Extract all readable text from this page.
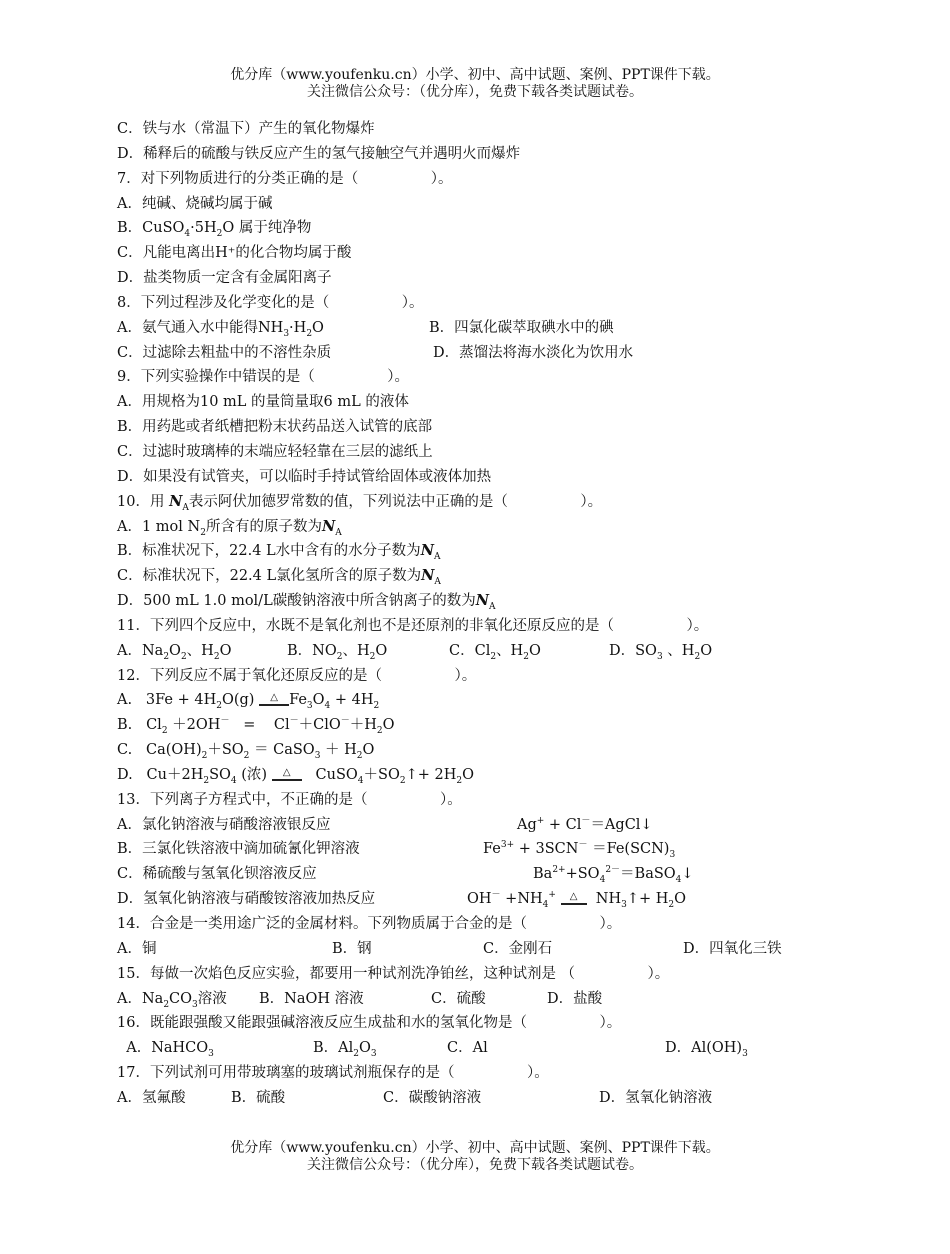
优分库（www.youfenku.cn）小学、初中、高中试题、案例、PPT课件下载。
关注微信公众号：（优分库），免费下载各类试题试卷。
C．铁与水（常温下）产生的氧化物爆炸
D．稀释后的硫酸与铁反应产生的氢气接触空气并遇明火而爆炸
7．对下列物质进行的分类正确的是（　　　　　）。
A．纯碱、烧碱均属于碱
B．$CuSO_4\cdot 5H_2O$ 属于纯净物
C．凡能电离出H⁺的化合物均属于酸
D．盐类物质一定含有金属阳离子
8．下列过程涉及化学变化的是（　　　　　）。
A．氨气通入水中能得$NH_3\cdot H_2O$	B．四氯化碳萃取碘水中的碘
C．过滤除去粗盐中的不溶性杂质	D．蒸馏法将海水淡化为饮用水
9．下列实验操作中错误的是（　　　　　）。
A．用规格为10 mL 的量筒量取6 mL 的液体
B．用药匙或者纸槽把粉末状药品送入试管的底部
C．过滤时玻璃棒的末端应轻轻靠在三层的滤纸上
D．如果没有试管夹，可以临时手持试管给固体或液体加热
10．用 $N_A$表示阿伏加德罗常数的值，下列说法中正确的是（　　　　　）。
A．1 mol $N_2$所含有的原子数为$N_A$
B．标准状况下，22.4 L水中含有的水分子数为$N_A$
C．标准状况下，22.4 L氯化氢所含的原子数为$N_A$
D．500 mL 1.0 mol/L碳酸钠溶液中所含钠离子的数为$N_A$
11．下列四个反应中，水既不是氧化剂也不是还原剂的非氧化还原反应的是（　　　　　）。
A．$Na_2O_2$、$H_2O$	B．$NO_2$、$H_2O$	C．$Cl_2$、$H_2O$	D．$SO_3$ 、$H_2O$
12．下列反应不属于氧化还原反应的是（　　　　　）。
A.   $3Fe + 4H_2O(g)$ △ $Fe_3O_4 + 4H_2$
B.   $Cl_2 +2OH^-$   =    $Cl^-+ClO^-+H_2O$
C.   $Ca(OH)_2+SO_2$ ＝ CaSO$_3$ ＋ $H_2O$
D.   $Cu+2H_2SO_4$ (浓) △   $CuSO_4+SO_2↑+ 2H_2O$
13．下列离子方程式中，不正确的是（　　　　　）。
A．氯化钠溶液与硝酸溶液银反应	Ag+ + Cl－＝AgCl↓
B．三氯化铁溶液中滴加硫氰化钾溶液	$Fe^{3+} + 3SCN^- =Fe(SCN)_3$
C．稀硫酸与氢氧化钡溶液反应	$Ba^{2+}+SO_4^{2-}=BaSO_4↓$
D．氢氧化钠溶液与硝酸铵溶液加热反应	$OH^- +NH_4^+$ △  $NH_3↑+ H_2O$
14．合金是一类用途广泛的金属材料。下列物质属于合金的是（　　　　　）。
A．铜	B．钢	C．金刚石	D．四氧化三铁
15．每做一次焰色反应实验，都要用一种试剂洗净铂丝，这种试剂是 （　　　　　）。
A．$Na_2CO_3$溶液 B．NaOH 溶液	C．硫酸	D．盐酸
16．既能跟强酸又能跟强碱溶液反应生成盐和水的氢氧化物是（　　　　　）。
A．NaHCO$_3$	B．$Al_2O_3$	C．Al	D．$Al(OH)_3$
17．下列试剂可用带玻璃塞的玻璃试剂瓶保存的是（　　　　　）。
A．氢氟酸	B．硫酸	C．碳酸钠溶液	D．氢氧化钠溶液
优分库（www.youfenku.cn）小学、初中、高中试题、案例、PPT课件下载。
关注微信公众号：（优分库），免费下载各类试题试卷。
